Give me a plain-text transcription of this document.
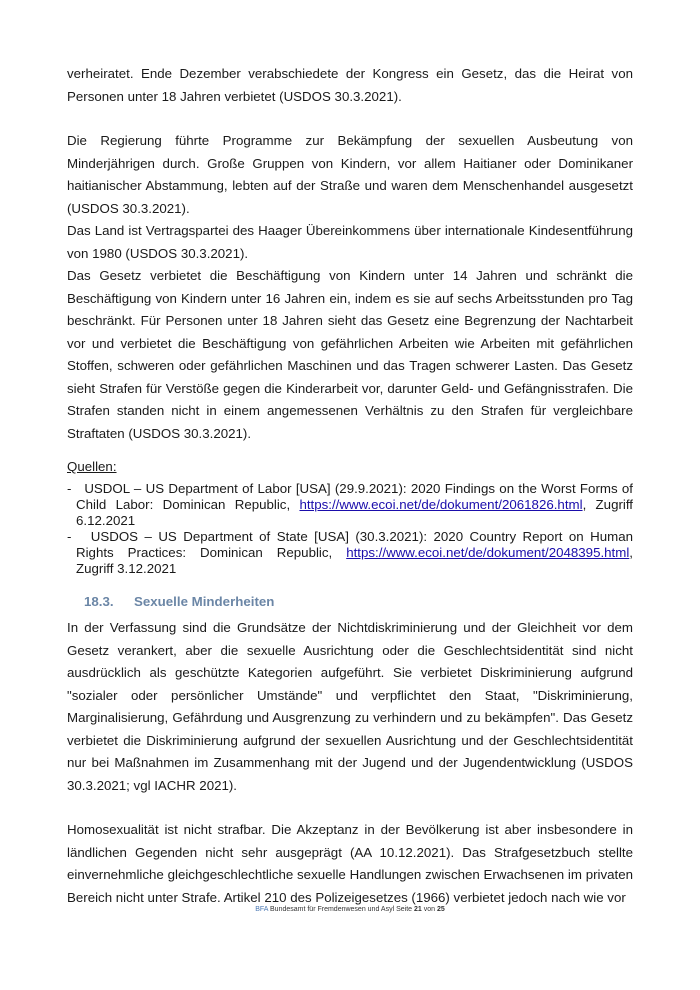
verheiratet. Ende Dezember verabschiedete der Kongress ein Gesetz, das die Heirat von Personen unter 18 Jahren verbietet (USDOS 30.3.2021).

Die Regierung führte Programme zur Bekämpfung der sexuellen Ausbeutung von Minderjährigen durch. Große Gruppen von Kindern, vor allem Haitianer oder Dominikaner haitianischer Abstammung, lebten auf der Straße und waren dem Menschenhandel ausgesetzt (USDOS 30.3.2021).

Das Land ist Vertragspartei des Haager Übereinkommens über internationale Kindesentführung von 1980 (USDOS 30.3.2021).

Das Gesetz verbietet die Beschäftigung von Kindern unter 14 Jahren und schränkt die Beschäftigung von Kindern unter 16 Jahren ein, indem es sie auf sechs Arbeitsstunden pro Tag beschränkt. Für Personen unter 18 Jahren sieht das Gesetz eine Begrenzung der Nachtarbeit vor und verbietet die Beschäftigung von gefährlichen Arbeiten wie Arbeiten mit gefährlichen Stoffen, schweren oder gefährlichen Maschinen und das Tragen schwerer Lasten. Das Gesetz sieht Strafen für Verstöße gegen die Kinderarbeit vor, darunter Geld- und Gefängnisstrafen. Die Strafen standen nicht in einem angemessenen Verhältnis zu den Strafen für vergleichbare Straftaten (USDOS 30.3.2021).

Quellen:

-   USDOL – US Department of Labor [USA] (29.9.2021): 2020 Findings on the Worst Forms of Child Labor: Dominican Republic, https://www.ecoi.net/de/dokument/2061826.html, Zugriff 6.12.2021

-   USDOS – US Department of State [USA] (30.3.2021): 2020 Country Report on Human Rights Practices: Dominican Republic, https://www.ecoi.net/de/dokument/2048395.html, Zugriff 3.12.2021

18.3. Sexuelle Minderheiten

In der Verfassung sind die Grundsätze der Nichtdiskriminierung und der Gleichheit vor dem Gesetz verankert, aber die sexuelle Ausrichtung oder die Geschlechtsidentität sind nicht ausdrücklich als geschützte Kategorien aufgeführt. Sie verbietet Diskriminierung aufgrund "sozialer oder persönlicher Umstände" und verpflichtet den Staat, "Diskriminierung, Marginalisierung, Gefährdung und Ausgrenzung zu verhindern und zu bekämpfen". Das Gesetz verbietet die Diskriminierung aufgrund der sexuellen Ausrichtung und der Geschlechtsidentität nur bei Maßnahmen im Zusammenhang mit der Jugend und der Jugendentwicklung (USDOS 30.3.2021; vgl IACHR 2021).

Homosexualität ist nicht strafbar. Die Akzeptanz in der Bevölkerung ist aber insbesondere in ländlichen Gegenden nicht sehr ausgeprägt (AA 10.12.2021). Das Strafgesetzbuch stellte einvernehmliche gleichgeschlechtliche sexuelle Handlungen zwischen Erwachsenen im privaten Bereich nicht unter Strafe. Artikel 210 des Polizeigesetzes (1966) verbietet jedoch nach wie vor

BFA Bundesamt für Fremdenwesen und Asyl Seite 21 von 25
